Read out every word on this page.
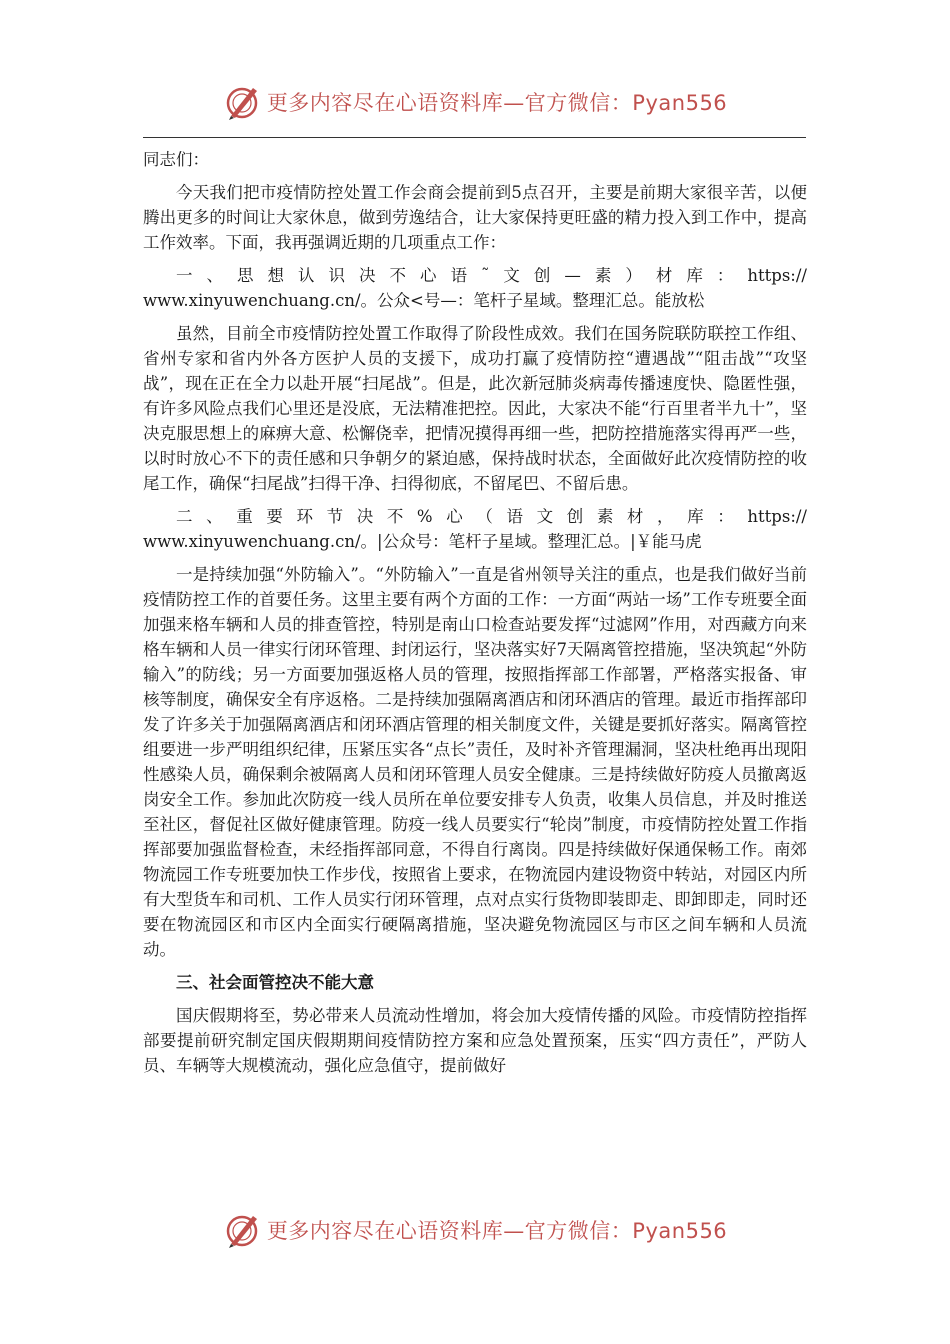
更多内容尽在心语资料库—官方微信：Pyan556

同志们：

今天我们把市疫情防控处置工作会商会提前到5点召开，主要是前期大家很辛苦，以便腾出更多的时间让大家休息，做到劳逸结合，让大家保持更旺盛的精力投入到工作中，提高工作效率。下面，我再强调近期的几项重点工作：

一、思想认识决不心语˜文创—素）材库：https://

www.xinyuwenchuang.cn/。公众<号—：笔杆子星域。整理汇总。能放松

虽然，目前全市疫情防控处置工作取得了阶段性成效。我们在国务院联防联控工作组、省州专家和省内外各方医护人员的支援下，成功打赢了疫情防控“遭遇战”“阻击战”“攻坚战”，现在正在全力以赴开展“扫尾战”。但是，此次新冠肺炎病毒传播速度快、隐匿性强，有许多风险点我们心里还是没底，无法精准把控。因此，大家决不能“行百里者半九十”，坚决克服思想上的麻痹大意、松懈侥幸，把情况摸得再细一些，把防控措施落实得再严一些，以时时放心不下的责任感和只争朝夕的紧迫感，保持战时状态，全面做好此次疫情防控的收尾工作，确保“扫尾战”扫得干净、扫得彻底，不留尾巴、不留后患。

二、重要环节决不%心（语文创素材，库：https://

www.xinyuwenchuang.cn/。|公众号：笔杆子星域。整理汇总。|￥能马虎

一是持续加强“外防输入”。“外防输入”一直是省州领导关注的重点，也是我们做好当前疫情防控工作的首要任务。这里主要有两个方面的工作：一方面“两站一场”工作专班要全面加强来格车辆和人员的排查管控，特别是南山口检查站要发挥“过滤网”作用，对西藏方向来格车辆和人员一律实行闭环管理、封闭运行，坚决落实好7天隔离管控措施，坚决筑起“外防输入”的防线；另一方面要加强返格人员的管理，按照指挥部工作部署，严格落实报备、审核等制度，确保安全有序返格。二是持续加强隔离酒店和闭环酒店的管理。最近市指挥部印发了许多关于加强隔离酒店和闭环酒店管理的相关制度文件，关键是要抓好落实。隔离管控组要进一步严明组织纪律，压紧压实各“点长”责任，及时补齐管理漏洞，坚决杜绝再出现阳性感染人员，确保剩余被隔离人员和闭环管理人员安全健康。三是持续做好防疫人员撤离返岗安全工作。参加此次防疫一线人员所在单位要安排专人负责，收集人员信息，并及时推送至社区，督促社区做好健康管理。防疫一线人员要实行“轮岗”制度，市疫情防控处置工作指挥部要加强监督检查，未经指挥部同意，不得自行离岗。四是持续做好保通保畅工作。南郊物流园工作专班要加快工作步伐，按照省上要求，在物流园内建设物资中转站，对园区内所有大型货车和司机、工作人员实行闭环管理，点对点实行货物即装即走、即卸即走，同时还要在物流园区和市区内全面实行硬隔离措施，坚决避免物流园区与市区之间车辆和人员流动。

三、社会面管控决不能大意

国庆假期将至，势必带来人员流动性增加，将会加大疫情传播的风险。市疫情防控指挥部要提前研究制定国庆假期期间疫情防控方案和应急处置预案，压实“四方责任”，严防人员、车辆等大规模流动，强化应急值守，提前做好

更多内容尽在心语资料库—官方微信：Pyan556
